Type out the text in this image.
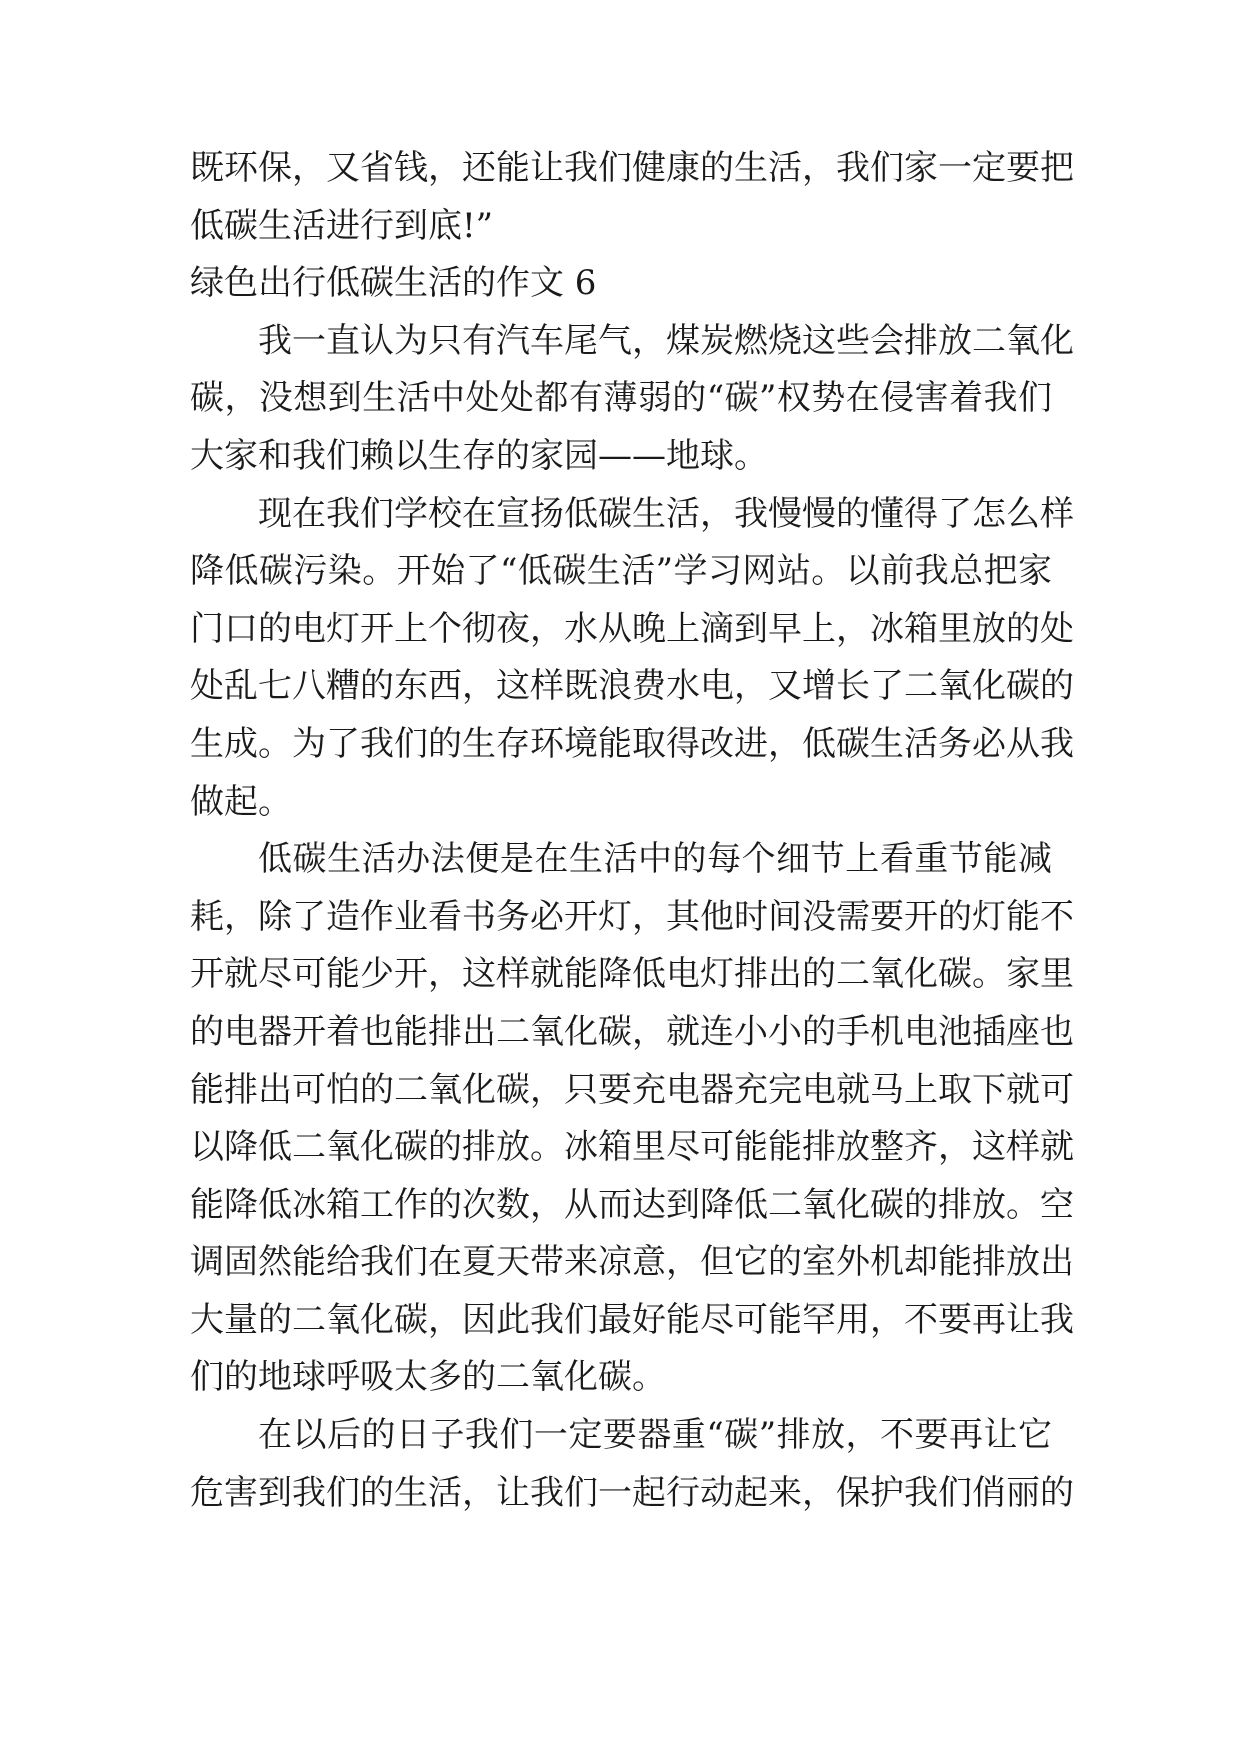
既环保，又省钱，还能让我们健康的生活，我们家一定要把
低碳生活进行到底!”
绿色出行低碳生活的作文 6
我一直认为只有汽车尾气，煤炭燃烧这些会排放二氧化
碳，没想到生活中处处都有薄弱的“碳”权势在侵害着我们
大家和我们赖以生存的家园——地球。
现在我们学校在宣扬低碳生活，我慢慢的懂得了怎么样
降低碳污染。开始了“低碳生活”学习网站。以前我总把家
门口的电灯开上个彻夜，水从晚上滴到早上，冰箱里放的处
处乱七八糟的东西，这样既浪费水电，又增长了二氧化碳的
生成。为了我们的生存环境能取得改进，低碳生活务必从我
做起。
低碳生活办法便是在生活中的每个细节上看重节能减
耗，除了造作业看书务必开灯，其他时间没需要开的灯能不
开就尽可能少开，这样就能降低电灯排出的二氧化碳。家里
的电器开着也能排出二氧化碳，就连小小的手机电池插座也
能排出可怕的二氧化碳，只要充电器充完电就马上取下就可
以降低二氧化碳的排放。冰箱里尽可能能排放整齐，这样就
能降低冰箱工作的次数，从而达到降低二氧化碳的排放。空
调固然能给我们在夏天带来凉意，但它的室外机却能排放出
大量的二氧化碳，因此我们最好能尽可能罕用，不要再让我
们的地球呼吸太多的二氧化碳。
在以后的日子我们一定要器重“碳”排放，不要再让它
危害到我们的生活，让我们一起行动起来，保护我们俏丽的
